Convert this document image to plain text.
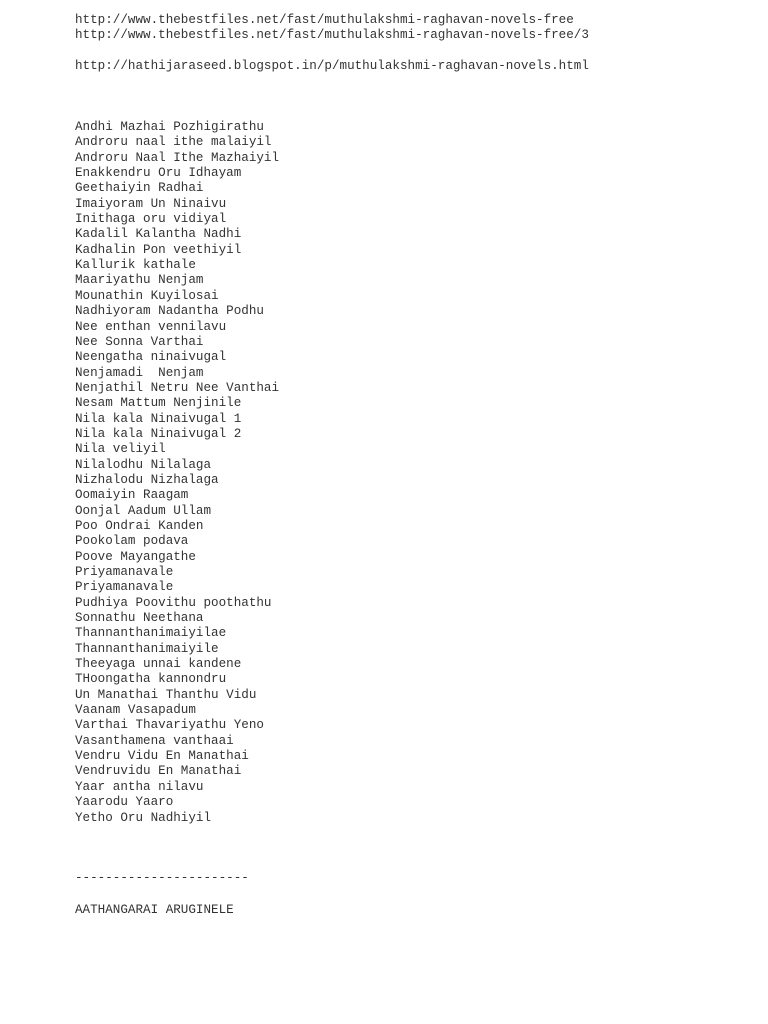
http://www.thebestfiles.net/fast/muthulakshmi-raghavan-novels-free
http://www.thebestfiles.net/fast/muthulakshmi-raghavan-novels-free/3
http://hathijaraseed.blogspot.in/p/muthulakshmi-raghavan-novels.html
Andhi Mazhai Pozhigirathu
Androru naal ithe malaiyil
Androru Naal Ithe Mazhaiyil
Enakkendru Oru Idhayam
Geethaiyin Radhai
Imaiyoram Un Ninaivu
Inithaga oru vidiyal
Kadalil Kalantha Nadhi
Kadhalin Pon veethiyil
Kallurik kathale
Maariyathu Nenjam
Mounathin Kuyilosai
Nadhiyoram Nadantha Podhu
Nee enthan vennilavu
Nee Sonna Varthai
Neengatha ninaivugal
Nenjamadi  Nenjam
Nenjathil Netru Nee Vanthai
Nesam Mattum Nenjinile
Nila kala Ninaivugal 1
Nila kala Ninaivugal 2
Nila veliyil
Nilalodhu Nilalaga
Nizhalodu Nizhalaga
Oomaiyin Raagam
Oonjal Aadum Ullam
Poo Ondrai Kanden
Pookolam podava
Poove Mayangathe
Priyamanavale
Priyamanavale
Pudhiya Poovithu poothathu
Sonnathu Neethana
Thannanthanimaiyilae
Thannanthanimaiyile
Theeyaga unnai kandene
THoongatha kannondru
Un Manathai Thanthu Vidu
Vaanam Vasapadum
Varthai Thavariyathu Yeno
Vasanthamena vanthaai
Vendru Vidu En Manathai
Vendruvidu En Manathai
Yaar antha nilavu
Yaarodu Yaaro
Yetho Oru Nadhiyil
-----------------------
AATHANGARAI ARUGINELE
